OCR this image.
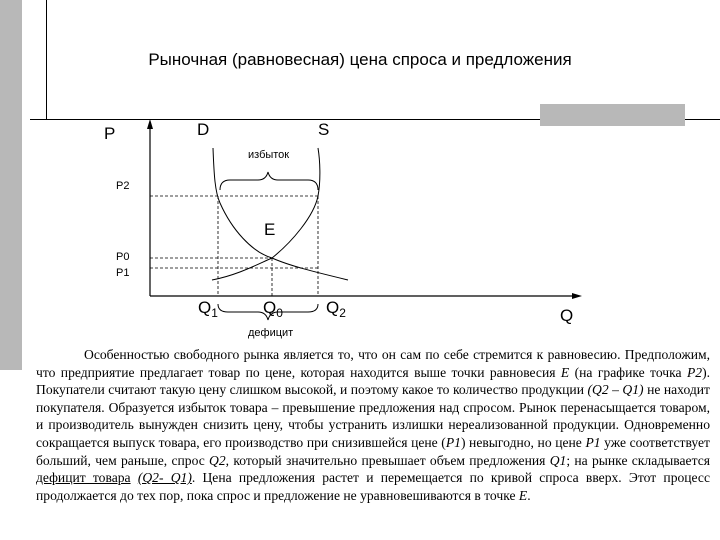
Рыночная (равновесная) цена спроса и предложения
P	D	S
избыток
E
P2
P0
P1
$Q_1$	$Q_0$	$Q_2$	Q
дефицит

Особенностью свободного рынка является то, что он сам по себе стремится к равновесию. Предположим, что предприятие предлагает товар по цене, которая находится выше точки равновесия E (на графике точка P2). Покупатели считают такую цену слишком высокой, и поэтому какое то количество продукции (Q2 – Q1) не находит покупателя. Образуется избыток товара – превышение предложения над спросом. Рынок перенасыщается товаром, и производитель вынужден снизить цену, чтобы устранить излишки нереализованной продукции. Одновременно сокращается выпуск товара, его производство при снизившейся цене (P1) невыгодно, но цене P1 уже соответствует больший, чем раньше, спрос Q2, который значительно превышает объем предложения Q1; на рынке складывается дефицит товара (Q2- Q1). Цена предложения растет и перемещается по кривой спроса вверх. Этот процесс продолжается до тех пор, пока спрос и предложение не уравновешиваются в точке E.
